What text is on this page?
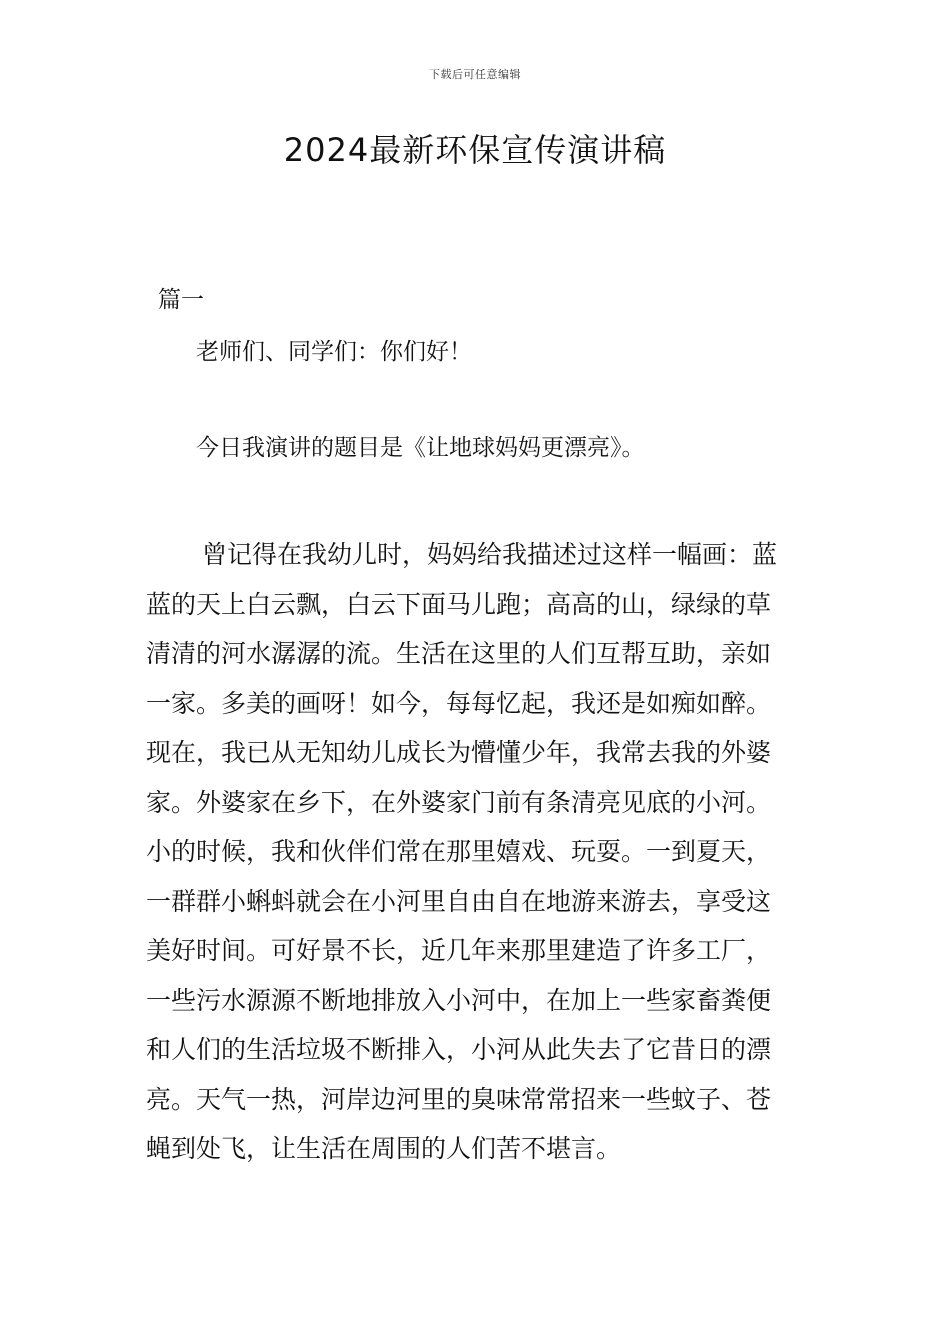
下载后可任意编辑
2024最新环保宣传演讲稿
篇一
老师们、同学们：你们好！
今日我演讲的题目是《让地球妈妈更漂亮》。
曾记得在我幼儿时，妈妈给我描述过这样一幅画：蓝
蓝的天上白云飘，白云下面马儿跑；高高的山，绿绿的草
清清的河水潺潺的流。生活在这里的人们互帮互助，亲如
一家。多美的画呀！如今，每每忆起，我还是如痴如醉。
现在，我已从无知幼儿成长为懵懂少年，我常去我的外婆
家。外婆家在乡下，在外婆家门前有条清亮见底的小河。
小的时候，我和伙伴们常在那里嬉戏、玩耍。一到夏天，
一群群小蝌蚪就会在小河里自由自在地游来游去，享受这
美好时间。可好景不长，近几年来那里建造了许多工厂，
一些污水源源不断地排放入小河中，在加上一些家畜粪便
和人们的生活垃圾不断排入，小河从此失去了它昔日的漂
亮。天气一热，河岸边河里的臭味常常招来一些蚊子、苍
蝇到处飞，让生活在周围的人们苦不堪言。
